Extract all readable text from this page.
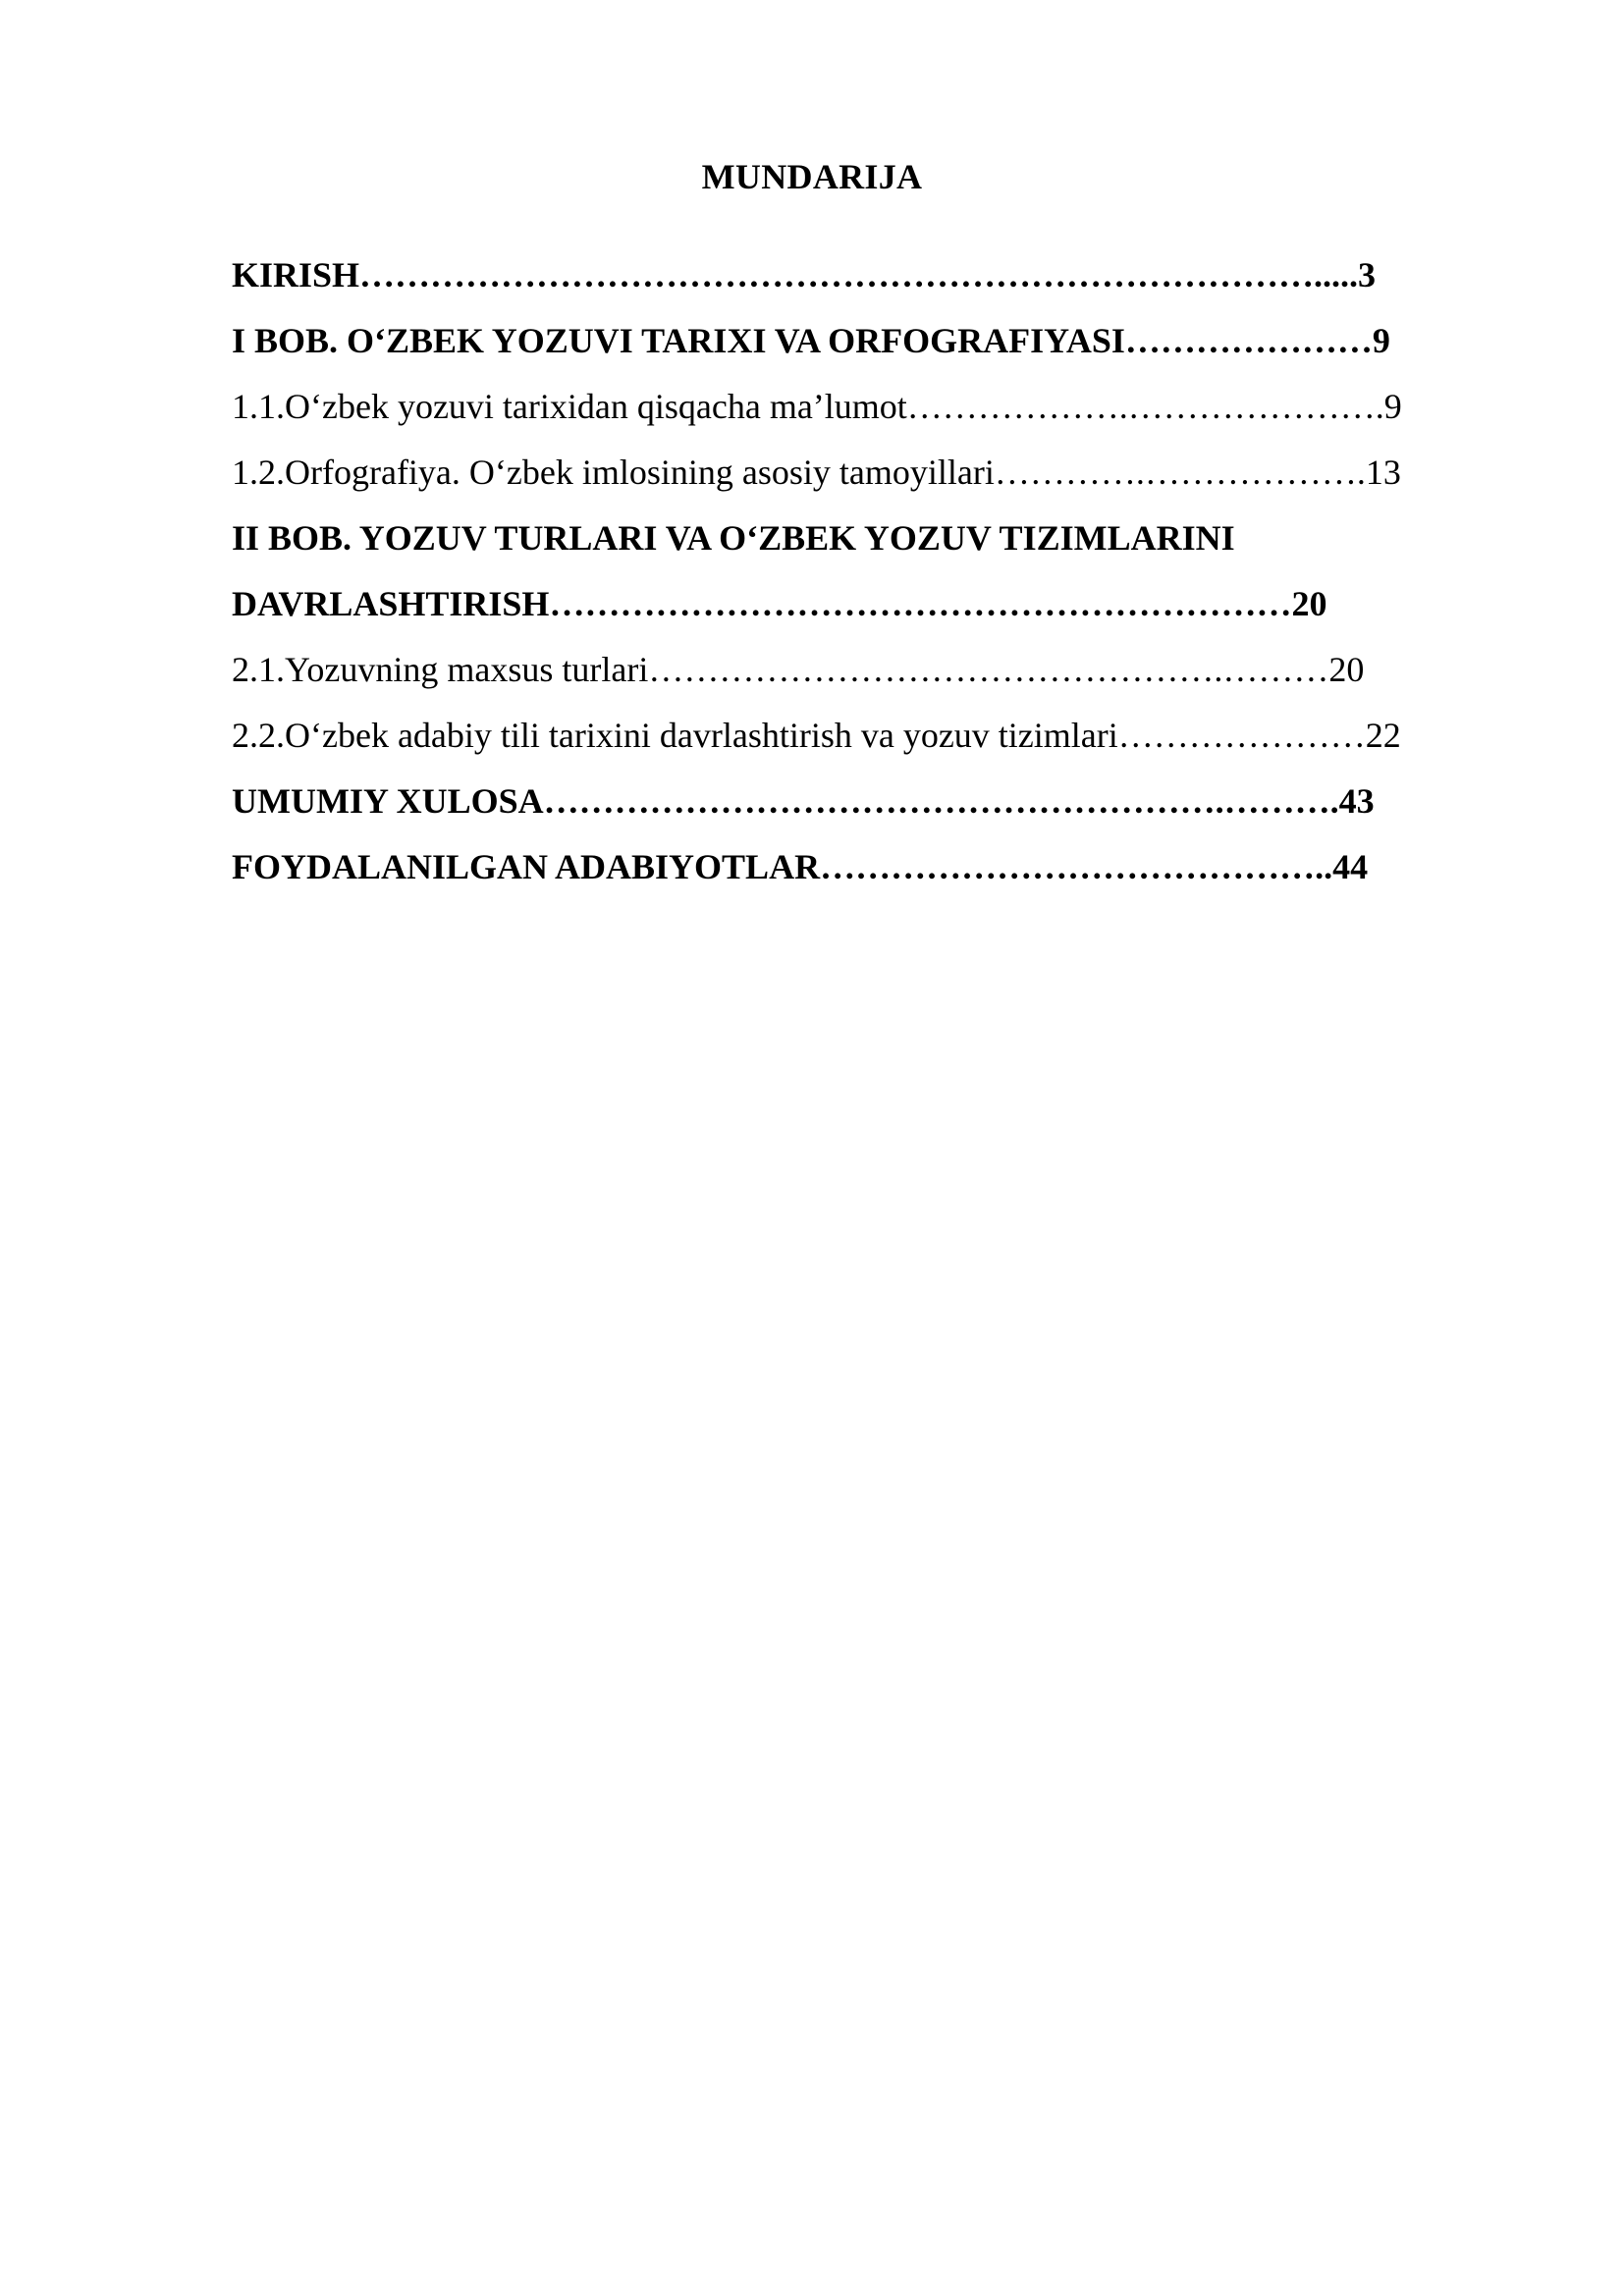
MUNDARIJA
KIRISH……………………………………………………………………….....3
I BOB. O‘ZBEK YOZUVI TARIXI VA ORFOGRAFIYASI…………………9
1.1.O‘zbek yozuvi tarixidan qisqacha ma’lumot……………….………………….9
1.2.Orfografiya. O‘zbek imlosining asosiy tamoyillari………….……………….13
II BOB. YOZUV TURLARI VA O‘ZBEK YOZUV TIZIMLARINI
DAVRLASHTIRISH………………………………………………………20
2.1.Yozuvning maxsus turlari………………………………………….………20
2.2.O‘zbek adabiy tili tarixini davrlashtirish va yozuv tizimlari…………………22
UMUMIY XULOSA………………………………………………….……….43
FOYDALANILGAN ADABIYOTLAR……………………………………..44
